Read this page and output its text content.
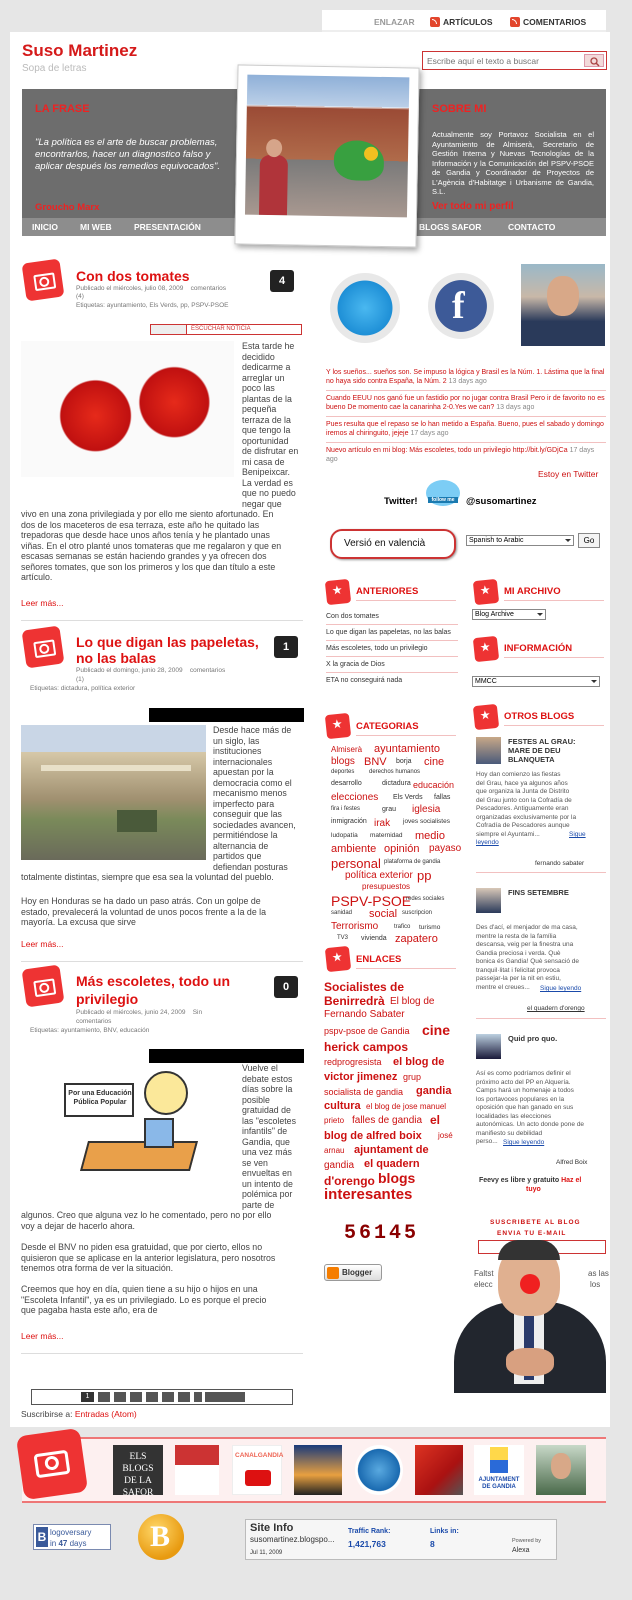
ENLAZAR	ARTÍCULOS	COMENTARIOS
Suso Martinez
Sopa de letras
Escribe aquí el texto a buscar
LA FRASE
"La política es el arte de buscar problemas, encontrarlos, hacer un diagnostico falso y aplicar después los remedios equivocados".
Groucho Marx
SOBRE MI
Actualmente soy Portavoz Socialista en el Ayuntamiento de Almiserà, Secretario de Gestión Interna y Nuevas Tecnologías de la Información y la Comunicación del PSPV-PSOE de Gandia y Coordinador de Proyectos de L'Agència d'Habitatge i Urbanisme de Gandia, S.L.
Ver todo mi perfil
INICIO	MI WEB	PRESENTACIÓN	BLOGS SAFOR	CONTACTO
Con dos tomates
Publicado el miércoles, julio 08, 2009 comentarios
(4)
Etiquetas: ayuntamiento, Els Verds, pp, PSPV-PSOE
4
ESCUCHAR NOTICIA
Esta tarde he
decidido
dedicarme a
arreglar un
poco las
plantas de la
pequeña
terraza de la
que tengo la
oportunidad
de disfrutar en
mi casa de
Benipeixcar.
La verdad es
que no puedo
negar que
vivo en una zona privilegiada y por ello me siento afortunado. En
dos de los maceteros de esa terraza, este año he quitado las
trepadoras que desde hace unos años tenía y he plantado unas
viñas. En el otro planté unos tomateras que me regalaron y que en
escasas semanas se están haciendo grandes y ya ofrecen dos
señores tomates, que son los primeros y los que dan título a este
artículo.
Leer más...
Lo que digan las papeletas,
no las balas
Publicado el domingo, junio 28, 2009 comentarios
(1)
Etiquetas: dictadura, política exterior
1
Desde hace más de
un siglo, las
instituciones
internacionales
apuestan por la
democracia como el
mecanismo menos
imperfecto para
conseguir que las
sociedades avancen,
permitiéndose la
alternancia de
partidos que
defiendan posturas
totalmente distintas, siempre que esa sea la voluntad del pueblo.
Hoy en Honduras se ha dado un paso atrás. Con un golpe de
estado, prevalecerá la voluntad de unos pocos frente a la de la
mayoría. La excusa que sirve
Leer más...
Más escoletes, todo un
privilegio
Publicado el miércoles, junio 24, 2009 Sin
comentarios
Etiquetas: ayuntamiento, BNV, educación
0
Por una Educación
Pública Popular
Vuelve el
debate estos
días sobre la
posible
gratuidad de
las "escoletes
infantils" de
Gandia, que
una vez más
se ven
envueltas en
un intento de
polémica por
parte de
algunos. Creo que alguna vez lo he comentado, pero no por ello
voy a dejar de hacerlo ahora.
Desde el BNV no piden esa gratuidad, que por cierto, ellos no
quisieron que se aplicase en la anterior legislatura, pero nosotros
tenemos otra forma de ver la situación.
Creemos que hoy en día, quien tiene a su hijo o hijos en una
"Escoleta Infantil", ya es un privilegiado. Lo es porque el precio
que pagaba hasta este año, era de
Leer más...
1
Suscribirse a: Entradas (Atom)
f
Y los sueños... sueños son. Se impuso la lógica y Brasil es la Núm. 1. Lástima que la final no haya sido contra España, la Núm. 2 13 days ago
Cuando EEUU nos ganó fue un fastidio por no jugar contra Brasil Pero ir de favorito no es bueno De momento cae la canarinha 2-0.Yes we can? 13 days ago
Pues resulta que el repaso se lo han metido a España. Bueno, pues el sabado y domingo iremos al chiringuito, jejeje 17 days ago
Nuevo artículo en mi blog: Más escoletes, todo un privilegio http://bit.ly/GDjCa 17 days ago
Estoy en Twitter
Twitter!	follow me	@susomartinez
Versió en valencià	Spanish to Arabic	Go
★
ANTERIORES
Con dos tomates
Lo que digan las papeletas, no las balas
Más escoletes, todo un privilegio
X la gracia de Dios
ETA no conseguirá nada
★
MI ARCHIVO
Blog Archive
★
INFORMACIÓN
MMCC
★
OTROS BLOGS
FESTES AL GRAU:
MARE DE DEU
BLANQUETA
Hoy dan comienzo las fiestas
del Grau, hace ya algunos años
que organiza la Junta de Distrito
del Grau junto con la Cofradía de
Pescadores. Antiguamente eran
organizadas exclusivamente por la
Cofradía de Pescadores aunque
siempre el Ayuntami...	Sigue
leyendo
fernando sabater
FINS SETEMBRE
Des d'ací, el menjador de ma casa,
mentre la resta de la família
descansa, veig per la finestra una
Gandia preciosa i verda. Què
bonica és Gandia! Què sensació de
tranquil·litat i felicitat provoca
passejar-la per la nit en estiu,
mentre el creues...	Sigue leyendo
el quadern d'orengo
Quid pro quo.
Así es como podríamos definir el
próximo acto del PP en Alquería.
Camps hará un homenaje a todos
los portavoces populares en la
oposición que han ganado en sus
localidades las elecciones
autonómicas. Un acto donde pone de
manifiesto su debilidad
perso... Sigue leyendo
Alfred Boix
Feevy es libre y gratuito Haz el
tuyo
★
CATEGORIAS
Almiserà ayuntamiento
blogs BNV borja cine
deportes derechos humanos
desarrollo	dictadura educación
elecciones Els Verds fallas
fira i festes	grau iglesia
inmigración irak joves socialistes
ludopatía maternidad medio
ambiente opinión payaso
personal plataforma de gandia
política exterior pp
presupuestos
PSPV-PSOE
redes sociales
sanidad social suscripcion
Terrorismo	trafico turismo
TV3 vivienda zapatero
★
ENLACES
Socialistes de
Benirredrà El blog de
Fernando Sabater
pspv-psoe de Gandia cine
herick campos
redprogresista el blog de
victor jimenez grup
socialista de gandia gandia
cultura el blog de jose manuel
prieto falles de gandia el
blog de alfred boix josé
arnau ajuntament de
gandia el quadern
d'orengo blogs
interesantes
56145
Blogger
SUSCRIBETE AL BLOG
ENVIA TU E-MAIL
Faltst	as las
elecc	los
ELS BLOGS
DE LA
SAFOR
CANALGANDIA
AJUNTAMENT
DE GANDIA
B logoversary
in 47 days B	Site Info
susomartinez.blogspo...
Jul 11, 2009
Traffic Rank:
1,421,763
Links in:
8	Powered by
Alexa
